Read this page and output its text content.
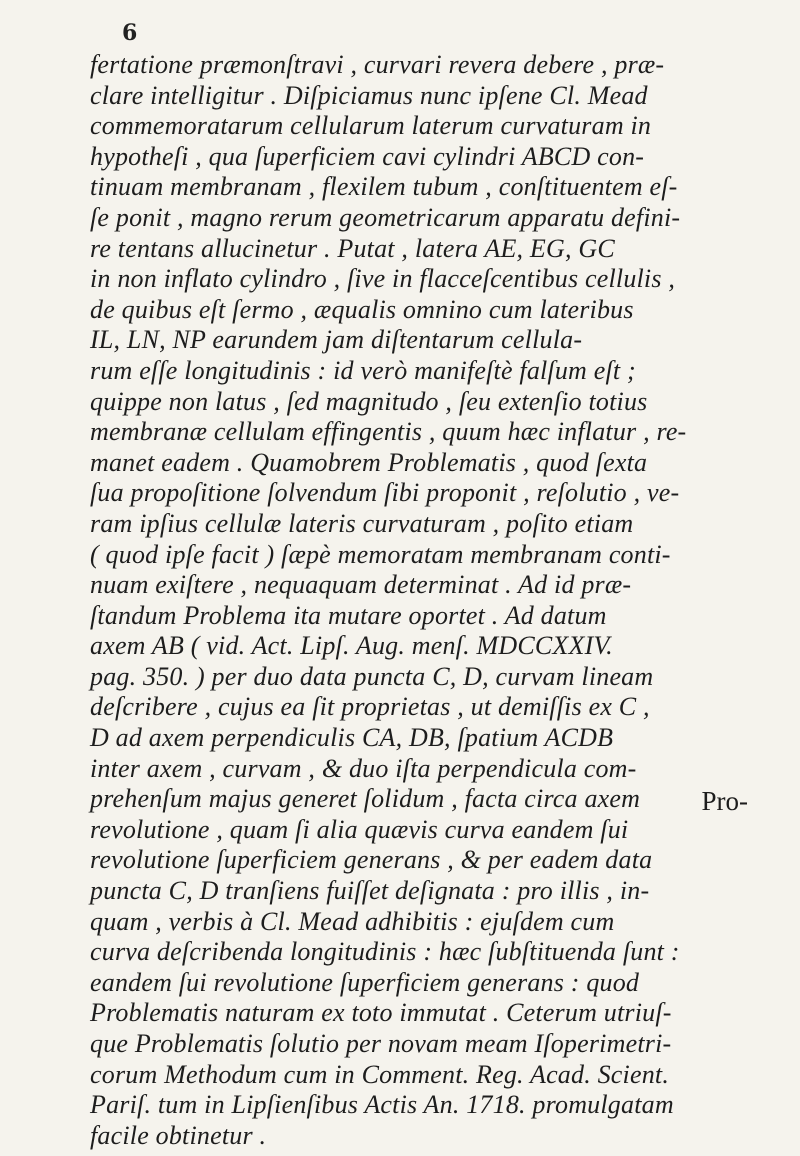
6
fertatione præmonſtravi , curvari revera debere , præ-
clare intelligitur . Diſpiciamus nunc ipſene Cl. Mead
commemoratarum cellularum laterum curvaturam in
hypotheſi , qua ſuperficiem cavi cylindri ABCD con-
tinuam membranam , flexilem tubum , conſtituentem eſ-
ſe ponit , magno rerum geometricarum apparatu defini-
re tentans allucinetur . Putat , latera AE, EG, GC
in non inflato cylindro , ſive in flacceſcentibus cellulis ,
de quibus eſt ſermo , æqualis omnino cum lateribus
IL, LN, NP earundem jam diſtentarum cellula-
rum eſſe longitudinis : id verò manifeſtè falſum eſt ;
quippe non latus , ſed magnitudo , ſeu extenſio totius
membranæ cellulam effingentis , quum hæc inflatur , re-
manet eadem . Quamobrem Problematis , quod ſexta
ſua propoſitione ſolvendum ſibi proponit , reſolutio , ve-
ram ipſius cellulæ lateris curvaturam , poſito etiam
( quod ipſe facit ) ſæpè memoratam membranam conti-
nuam exiſtere , nequaquam determinat . Ad id præ-
ſtandum Problema ita mutare oportet . Ad datum
axem AB ( vid. Act. Lipſ. Aug. menſ. MDCCXXIV.
pag. 350. ) per duo data puncta C, D, curvam lineam
deſcribere , cujus ea ſit proprietas , ut demiſſis ex C ,
D ad axem perpendiculis CA, DB, ſpatium ACDB
inter axem , curvam , & duo iſta perpendicula com-
prehenſum majus generet ſolidum , facta circa axem
revolutione , quam ſi alia quævis curva eandem ſui
revolutione ſuperficiem generans , & per eadem data
puncta C, D tranſiens fuiſſet deſignata : pro illis , in-
quam , verbis à Cl. Mead adhibitis : ejuſdem cum
curva deſcribenda longitudinis : hæc ſubſtituenda ſunt :
eandem ſui revolutione ſuperficiem generans : quod
Problematis naturam ex toto immutat . Ceterum utriuſ-
que Problematis ſolutio per novam meam Iſoperimetri-
corum Methodum cum in Comment. Reg. Acad. Scient.
Pariſ. tum in Lipſienſibus Actis An. 1718. promulgatam
facile obtinetur .
Pro-
